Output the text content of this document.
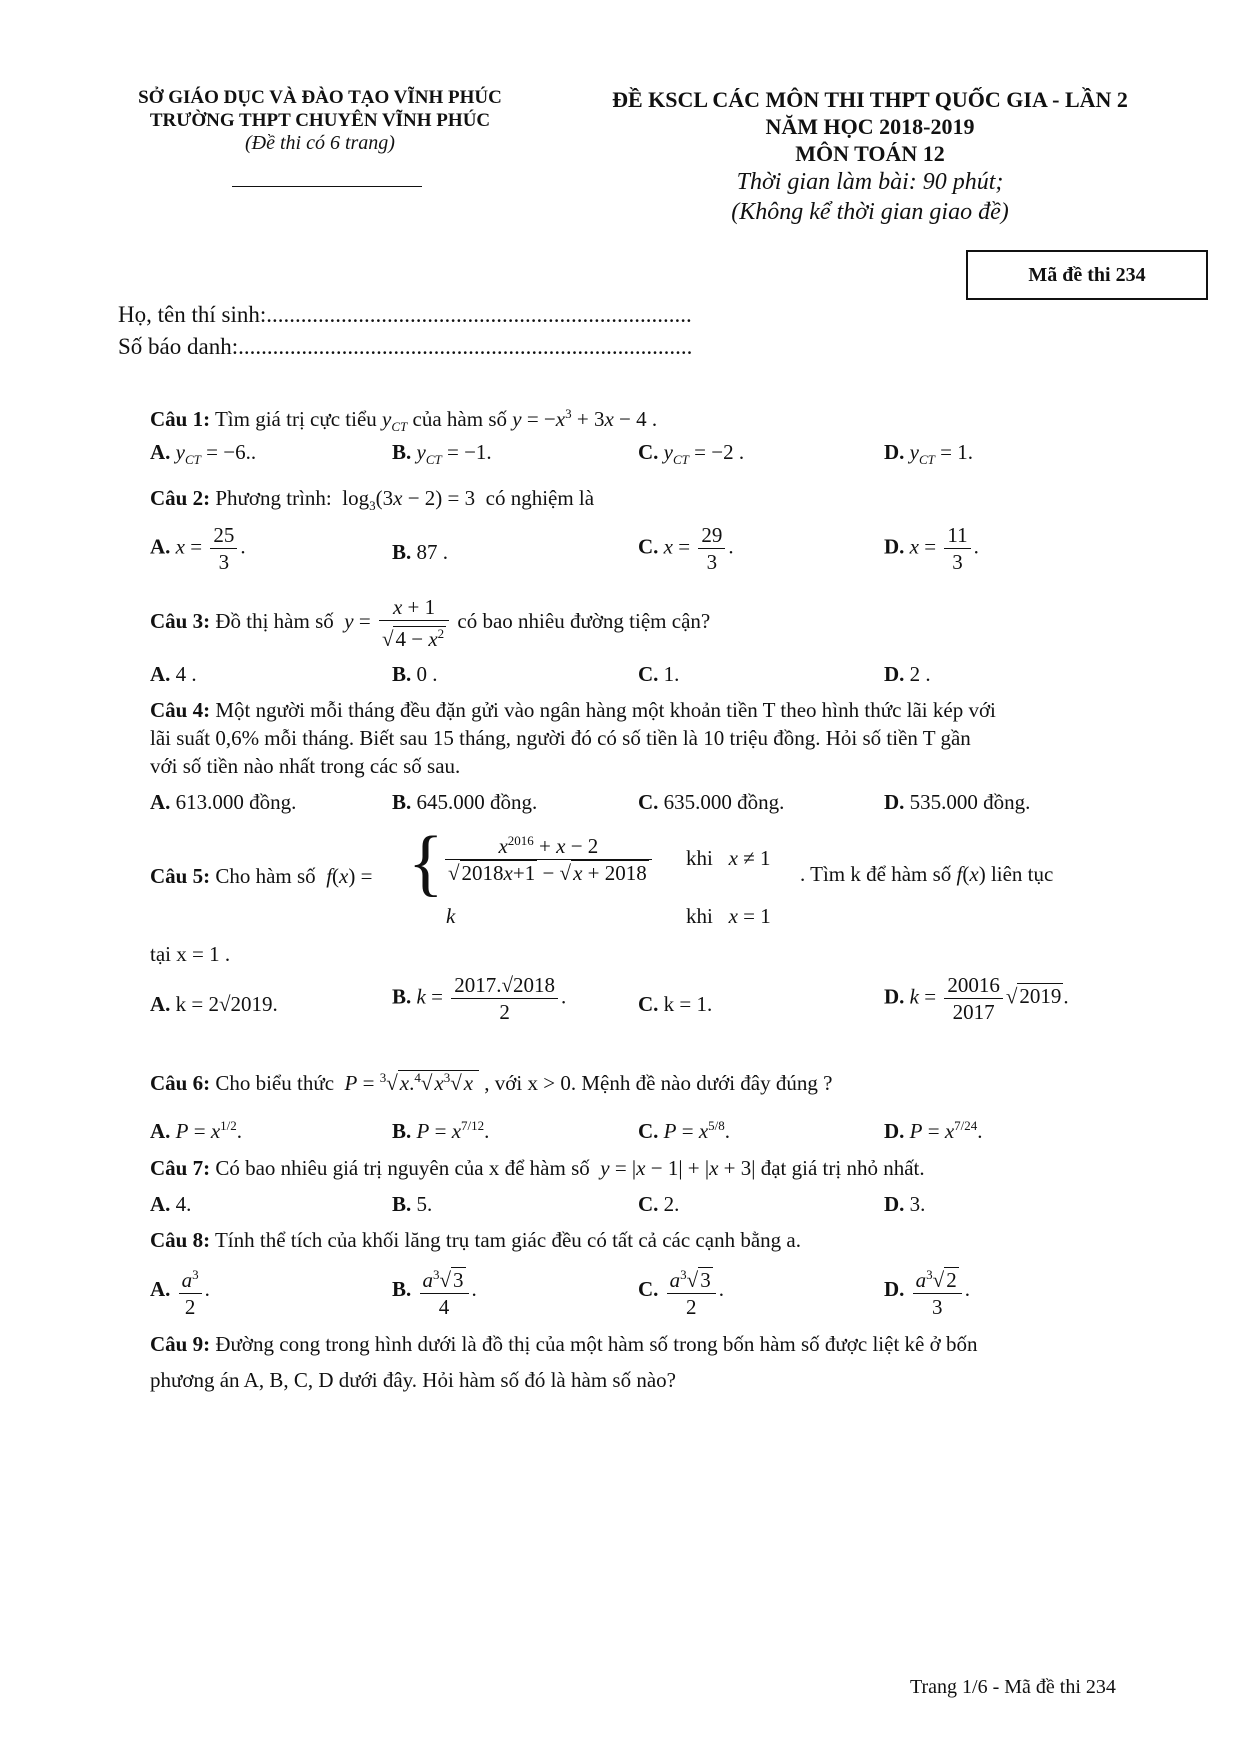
SỞ GIÁO DỤC VÀ ĐÀO TẠO VĨNH PHÚC
TRƯỜNG THPT CHUYÊN VĨNH PHÚC
(Đề thi có 6 trang)
ĐỀ KSCL CÁC MÔN THI THPT QUỐC GIA - LẦN 2
NĂM HỌC 2018-2019
MÔN TOÁN 12
Thời gian làm bài: 90 phút;
(Không kể thời gian giao đề)
Mã đề thi 234
Họ, tên thí sinh:..........................................................................
Số báo danh:...............................................................................
Câu 1: Tìm giá trị cực tiểu $y_{CT}$ của hàm số $y = -x^3 + 3x - 4$ .
A. $y_{CT} = -6$..	B. $y_{CT} = -1$.	C. $y_{CT} = -2$ .	D. $y_{CT} = 1$.
Câu 2: Phương trình:  $\log_3(3x - 2) = 3$  có nghiệm là
A. $x = \frac{25}{3}$ .	B. 87 .	C. $x = \frac{29}{3}$ .	D. $x = \frac{11}{3}$ .
Câu 3: Đồ thị hàm số $y = \frac{x + 1}{√4 - x^2}$ có bao nhiêu đường tiệm cận?
A. 4 .	B. 0 .	C. 1.	D. 2 .
Câu 4: Một người mỗi tháng đều đặn gửi vào ngân hàng một khoản tiền T theo hình thức lãi kép với
lãi suất 0,6% mỗi tháng. Biết sau 15 tháng, người đó có số tiền là 10 triệu đồng. Hỏi số tiền T gần
với số tiền nào nhất trong các số sau.
A. 613.000 đồng.	B. 645.000 đồng.	C. 635.000 đồng.	D. 535.000 đồng.
Câu 5: Cho hàm số f(x) = { $\frac{x^{2016} + x - 2}{√2018x+1 - √x + 2018}$ khi x ≠ 1
k	khi x = 1
. Tìm k để hàm số f(x) liên tục
tại x = 1 .
A. k = 2√2019.	B. $k = \frac{2017.√2018}{2}$ .	C. k = 1.	D. $k = \frac{20016}{2017} √2019$.
Câu 6: Cho biểu thức $P = ^3√x.^4√x^3√x$ , với x > 0. Mệnh đề nào dưới đây đúng ?
A. $P = x^{1/2}$.	B. $P = x^{7/12}$.	C. $P = x^{5/8}$.	D. $P = x^{7/24}$.
Câu 7: Có bao nhiêu giá trị nguyên của x để hàm số y = |x − 1| + |x + 3| đạt giá trị nhỏ nhất.
A. 4.	B. 5.	C. 2.	D. 3.
Câu 8: Tính thể tích của khối lăng trụ tam giác đều có tất cả các cạnh bằng a.
A. $\frac{a^3}{2}$ .	B. $\frac{a^3√3}{4}$ .	C. $\frac{a^3√3}{2}$ .	D. $\frac{a^3√2}{3}$ .
Câu 9: Đường cong trong hình dưới là đồ thị của một hàm số trong bốn hàm số được liệt kê ở bốn
phương án A, B, C, D dưới đây. Hỏi hàm số đó là hàm số nào?
Trang 1/6 - Mã đề thi 234
